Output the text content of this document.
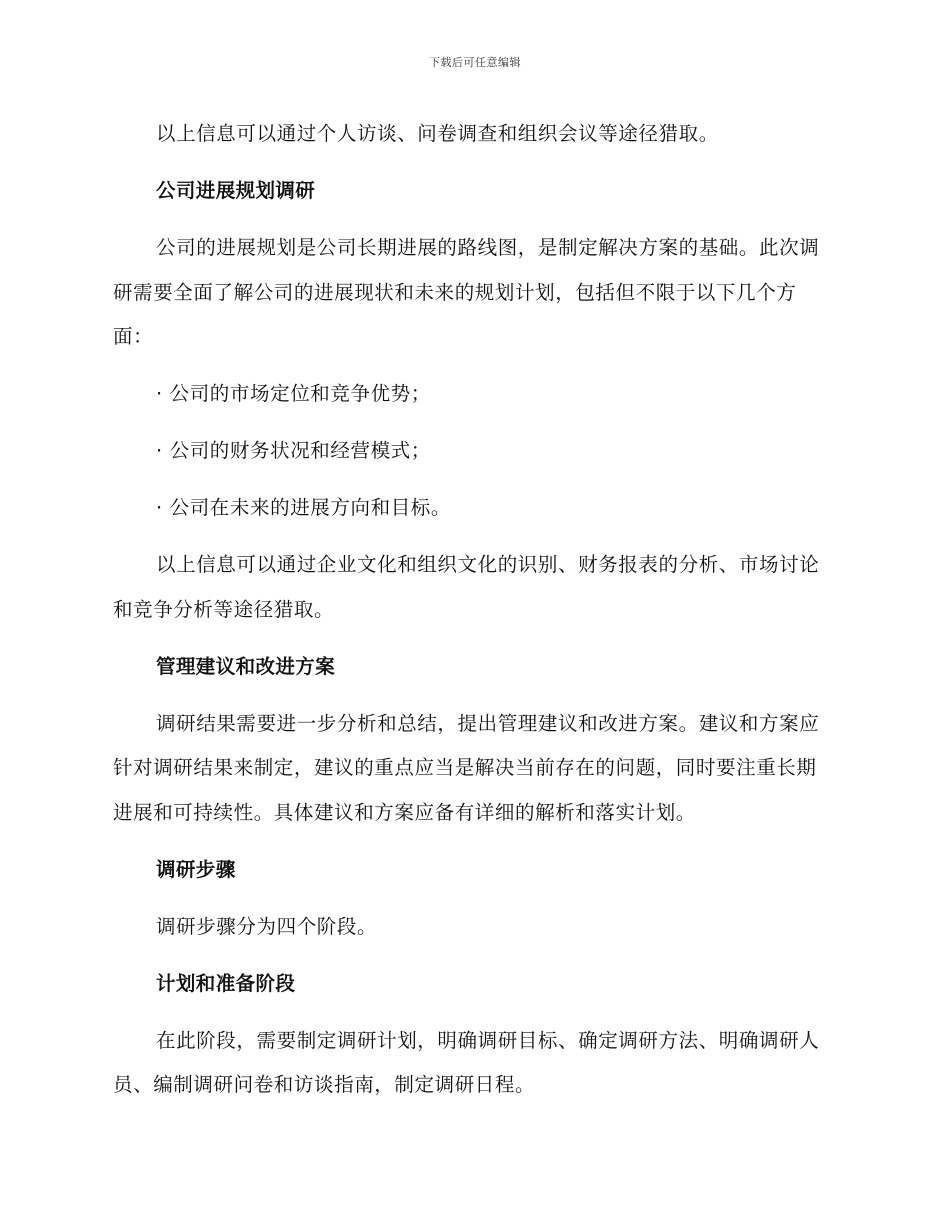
下载后可任意编辑

以上信息可以通过个人访谈、问卷调查和组织会议等途径猎取。

公司进展规划调研

公司的进展规划是公司长期进展的路线图，是制定解决方案的基础。此次调研需要全面了解公司的进展现状和未来的规划计划，包括但不限于以下几个方面：

· 公司的市场定位和竞争优势；

· 公司的财务状况和经营模式；

· 公司在未来的进展方向和目标。

以上信息可以通过企业文化和组织文化的识别、财务报表的分析、市场讨论和竞争分析等途径猎取。

管理建议和改进方案

调研结果需要进一步分析和总结，提出管理建议和改进方案。建议和方案应针对调研结果来制定，建议的重点应当是解决当前存在的问题，同时要注重长期进展和可持续性。具体建议和方案应备有详细的解析和落实计划。

调研步骤

调研步骤分为四个阶段。

计划和准备阶段

在此阶段，需要制定调研计划，明确调研目标、确定调研方法、明确调研人员、编制调研问卷和访谈指南，制定调研日程。
